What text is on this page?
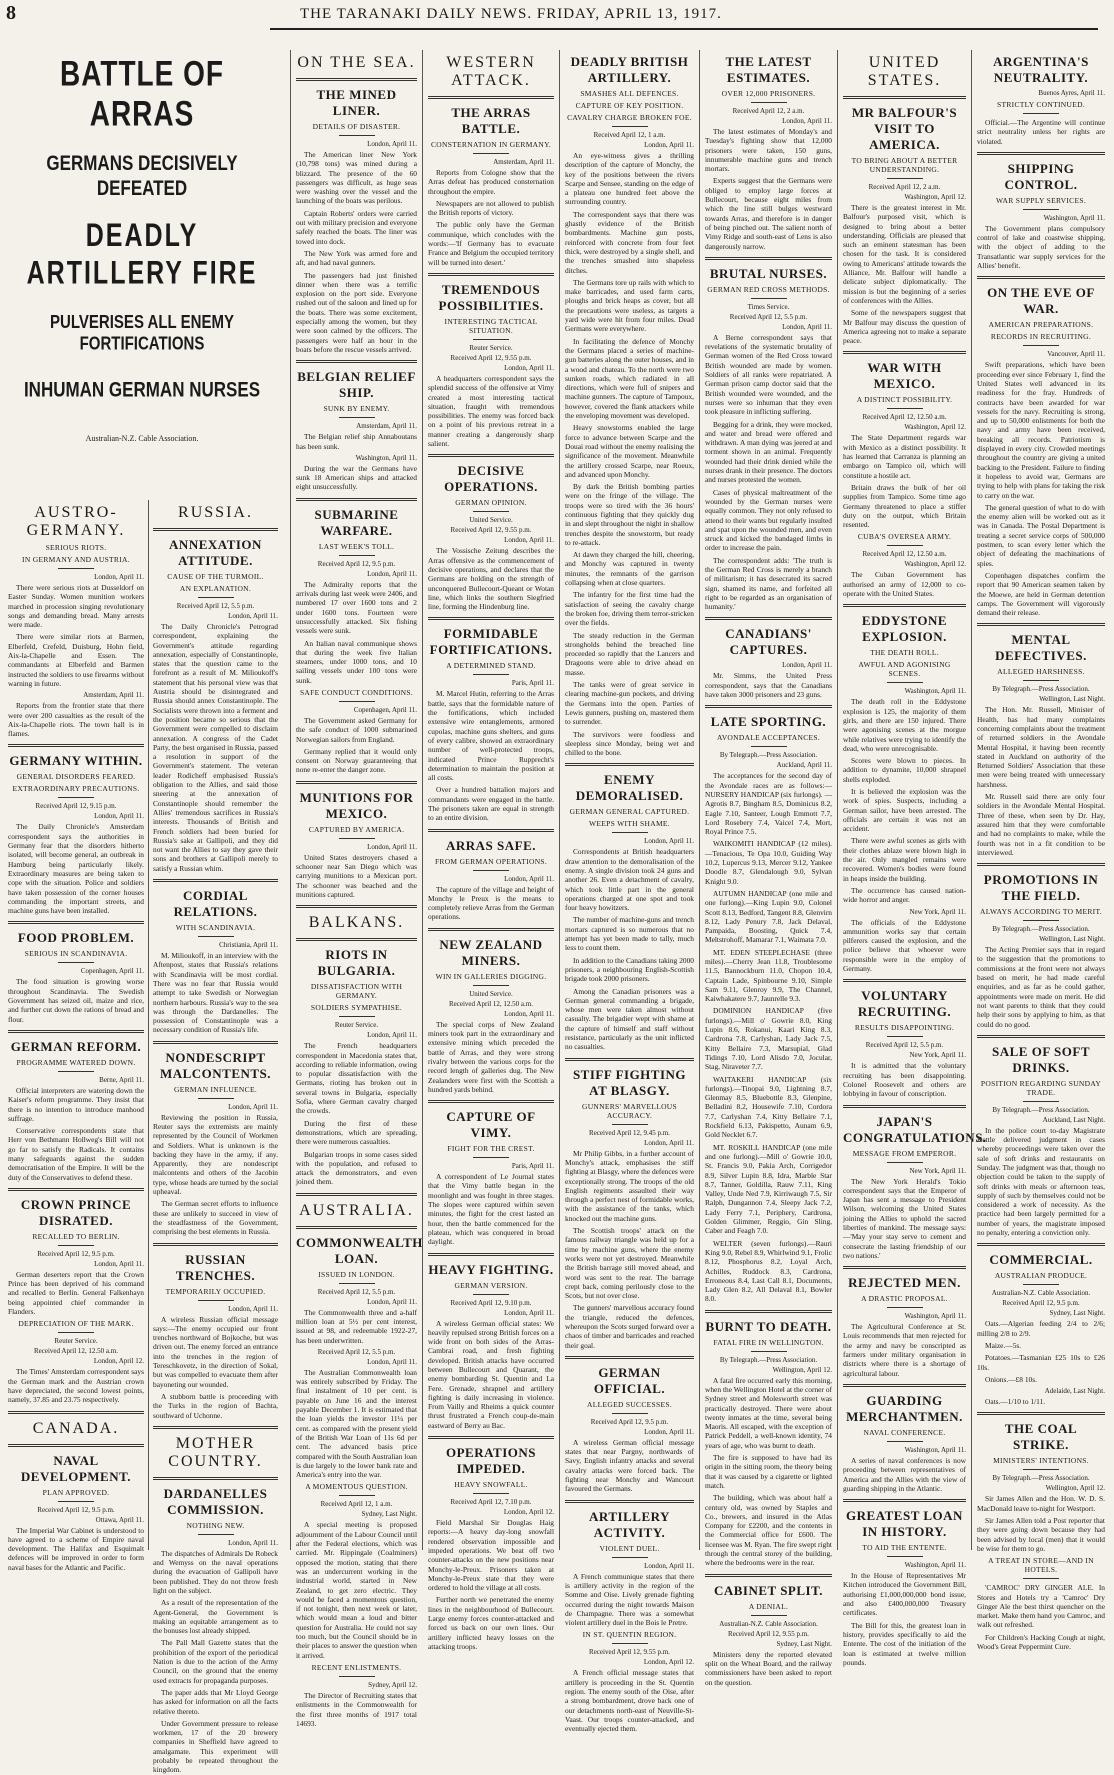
8	THE TARANAKI DAILY NEWS. FRIDAY, APRIL 13, 1917.
BATTLE OF ARRAS
GERMANS DECISIVELY DEFEATED
DEADLY ARTILLERY FIRE
PULVERISES ALL ENEMY FORTIFICATIONS
INHUMAN GERMAN NURSES
Australian-N.Z. Cable Association.
AUSTRO-GERMANY.
SERIOUS RIOTS.
IN GERMANY AND AUSTRIA.
London, April 11.

There were serious riots at Dusseldorf on Easter Sunday. Women munition workers marched in procession singing revolutionary songs and demanding bread. Many arrests were made.

There were similar riots at Barmen, Elberfeld, Crefeld, Duisburg, Hohn field, Aix-la-Chapelle and Essen. The commandants at Elberfeld and Barmen instructed the soldiers to use firearms without warning in future.

Amsterdam, April 11.

Reports from the frontier state that there were over 200 casualties as the result of the Aix-la-Chapelle riots. The town hall is in flames.

GERMANY WITHIN.
GENERAL DISORDERS FEARED.
EXTRAORDINARY PRECAUTIONS.
Received April 12, 9.15 p.m.
London, April 11.

The Daily Chronicle's Amsterdam correspondent says the authorities in Germany fear that the disorders hitherto isolated, will become general, an outbreak in Hamburg being particularly likely. Extraordinary measures are being taken to cope with the situation. Police and soldiers have taken possession of the corner houses commanding the important streets, and machine guns have been installed.

FOOD PROBLEM.
SERIOUS IN SCANDINAVIA.
Copenhagen, April 11.

The food situation is growing worse throughout Scandinavia. The Swedish Government has seized oil, maize and rice, and further cut down the rations of bread and flour.

GERMAN REFORM.
PROGRAMME WATERED DOWN.
Berne, April 11.

Official interpreters are watering down the Kaiser's reform programme. They insist that there is no intention to introduce manhood suffrage.

Conservative correspondents state that Herr von Bethmann Hollweg's Bill will not go far to satisfy the Radicals. It contains many safeguards against the sudden democratisation of the Empire. It will be the duty of the Conservatives to defend these.

CROWN PRINCE DISRATED.
RECALLED TO BERLIN.
Received April 12, 9.5 p.m.
London, April 11.

German deserters report that the Crown Prince has been deprived of his command and recalled to Berlin. General Falkenhayn being appointed chief commander in Flanders.

DEPRECIATION OF THE MARK.
Reuter Service.
Received April 12, 12.50 a.m.
London, April 12.

The Times' Amsterdam correspondent says the German mark and the Austrian crown have depreciated, the second lowest points, namely, 37.85 and 23.75 respectively.

CANADA.
NAVAL DEVELOPMENT.
PLAN APPROVED.
Received April 12, 9.5 p.m.
Ottawa, April 11.

The Imperial War Cabinet is understood to have agreed to a scheme of Empire naval development. The Halifax and Esquimalt defences will be improved in order to form naval bases for the Atlantic and Pacific.

RUSSIA.
ANNEXATION ATTITUDE.
CAUSE OF THE TURMOIL.
AN EXPLANATION.
Received April 12, 5.5 p.m.
London, April 11.

The Daily Chronicle's Petrograd correspondent, explaining the Government's attitude regarding annexation, especially of Constantinople, states that the question came to the forefront as a result of M. Milioukoff's statement that his personal view was that Austria should be disintegrated and Russia should annex Constantinople. The Socialists were thrown into a ferment and the position became so serious that the Government were compelled to disclaim annexation. A congress of the Cadet Party, the best organised in Russia, passed a resolution in support of the Government's statement. The veteran leader Rodicheff emphasised Russia's obligation to the Allies, and said those sneering at the annexation of Constantinople should remember the Allies' tremendous sacrifices in Russia's interests. Thousands of British and French soldiers had been buried for Russia's sake at Gallipoli, and they did not want the Allies to say they gave their sons and brothers at Gallipoli merely to satisfy a Russian whim.

CORDIAL RELATIONS.
WITH SCANDINAVIA.
Christiania, April 11.

M. Milioukoff, in an interview with the Aftenpost, states that Russia's relations with Scandinavia will be most cordial. There was no fear that Russia would attempt to take Swedish or Norwegian northern harbours. Russia's way to the sea was through the Dardanelles. The possession of Constantinople was a necessary condition of Russia's life.

NONDESCRIPT MALCONTENTS.
GERMAN INFLUENCE.
London, April 11.

Reviewing the position in Russia, Reuter says the extremists are mainly represented by the Council of Workmen and Soldiers. What is unknown is the backing they have in the army, if any. Apparently, they are nondescript malcontents and others of the Jacobin type, whose heads are turned by the social upheaval.

The German secret efforts to influence these are unlikely to succeed in view of the steadfastness of the Government, comprising the best elements in Russia.

RUSSIAN TRENCHES.
TEMPORARILY OCCUPIED.
London, April 11.

A wireless Russian official message says:—The enemy occupied our front trenches northward of Bojkoche, but was driven out. The enemy forced an entrance into the trenches in the region of Tereschkovetz, in the direction of Sokal, but was compelled to evacuate them after bayoneting our wounded.

A stubborn battle is proceeding with the Turks in the region of Bachta, southward of Uchonne.

MOTHER COUNTRY.
DARDANELLES COMMISSION.
NOTHING NEW.
London, April 11.

The dispatches of Admirals De Robeck and Wemyss on the naval operations during the evacuation of Gallipoli have been published. They do not throw fresh light on the subject.

As a result of the representation of the Agent-General, the Government is making an equitable arrangement as to the bonuses lost already shipped.

The Pall Mall Gazette states that the prohibition of the export of the periodical Nation is due to the action of the Army Council, on the ground that the enemy used extracts for propaganda purposes.

The paper adds that Mr Lloyd George has asked for information on all the facts relative thereto.

Under Government pressure to release workmen, 17 of the 20 brewery companies in Sheffield have agreed to amalgamate. This experiment will probably be repeated throughout the kingdom.

ON THE SEA.
THE MINED LINER.
DETAILS OF DISASTER.
London, April 11.

The American liner New York (10,798 tons) was mined during a blizzard. The presence of the 60 passengers was difficult, as huge seas were washing over the vessel and the launching of the boats was perilous.

Captain Roberts' orders were carried out with military precision and everyone safely reached the boats. The liner was towed into dock.

The New York was armed fore and aft, and had naval gunners.

The passengers had just finished dinner when there was a terrific explosion on the port side. Everyone rushed out of the saloon and lined up for the boats. There was some excitement, especially among the women, but they were soon calmed by the officers. The passengers were half an hour in the boats before the rescue vessels arrived.

BELGIAN RELIEF SHIP.
SUNK BY ENEMY.
Amsterdam, April 11.

The Belgian relief ship Annaboutans has been sunk.

Washington, April 11.

During the war the Germans have sunk 18 American ships and attacked eight unsuccessfully.

SUBMARINE WARFARE.
LAST WEEK'S TOLL.
Received April 12, 9.5 p.m.
London, April 11.

The Admiralty reports that the arrivals during last week were 2406, and numbered 17 over 1600 tons and 2 under 1600 tons. Fourteen were unsuccessfully attacked. Six fishing vessels were sunk.

An Italian naval communique shows that during the week five Italian steamers, under 1000 tons, and 10 sailing vessels under 100 tons were sunk.

SAFE CONDUCT CONDITIONS.
Copenhagen, April 11.

The Government asked Germany for the safe conduct of 1000 submarined Norwegian sailors from England.

Germany replied that it would only consent on Norway guaranteeing that none re-enter the danger zone.

MUNITIONS FOR MEXICO.
CAPTURED BY AMERICA.
London, April 11.

United States destroyers chased a schooner near San Diego which was carrying munitions to a Mexican port. The schooner was beached and the munitions captured.

BALKANS.
RIOTS IN BULGARIA.
DISSATISFACTION WITH GERMANY.
SOLDIERS SYMPATHISE.
Reuter Service.
London, April 11.

The French headquarters correspondent in Macedonia states that, according to reliable information, owing to popular dissatisfaction with the Germans, rioting has broken out in several towns in Bulgaria, especially Sofia, where German cavalry charged the crowds.

During the first of these demonstrations, which are spreading, there were numerous casualties.

Bulgarian troops in some cases sided with the population, and refused to attack the demonstrators, and even joined them.

AUSTRALIA.
COMMONWEALTH LOAN.
ISSUED IN LONDON.
Received April 12, 5.5 p.m.
London, April 11.

The Commonwealth three and a-half million loan at 5½ per cent interest, issued at 98, and redeemable 1922-27, has been underwritten.

Received April 12, 5.5 p.m.
London, April 11.

The Australian Commonwealth loan was entirely subscribed by Friday. The final instalment of 10 per cent. is payable on June 16 and the interest payable December 1. It is estimated that the loan yields the investor 11¼ per cent. as compared with the present yield of the British War Loan of 11s 6d per cent. The advanced basis price compared with the South Australian loan is due largely to the lower bank rate and America's entry into the war.

A MOMENTOUS QUESTION.
Received April 12, 1 a.m.
Sydney, Last Night.

A special meeting is proposed adjournment of the Labour Council until after the Federal elections, which was carried. Mr. Rippingale (Coalminers) opposed the motion, stating that there was an undercurrent working in the industrial world, started in New Zealand, to get zero electric. They would be faced a momentous question, if not tonight, then next week or later, which would mean a loud and bitter question for Australia. He could not say too much, but the Council should be in their places to answer the question when it arrived.

RECENT ENLISTMENTS.
Sydney, April 12.

The Director of Recruiting states that enlistments in the Commonwealth for the first three months of 1917 total 14693.

WESTERN ATTACK.
THE ARRAS BATTLE.
CONSTERNATION IN GERMANY.
Amsterdam, April 11.

Reports from Cologne show that the Arras defeat has produced consternation throughout the empire.

Newspapers are not allowed to publish the British reports of victory.

The public only have the German communique, which concludes with the words:—'If Germany has to evacuate France and Belgium the occupied territory will be turned into desert.'

TREMENDOUS POSSIBILITIES.
INTERESTING TACTICAL SITUATION.
Reuter Service.
Received April 12, 9.55 p.m.
London, April 11.

A headquarters correspondent says the splendid success of the offensive at Vimy created a most interesting tactical situation, fraught with tremendous possibilities. The enemy was forced back on a point of his previous retreat in a manner creating a dangerously sharp salient.

DECISIVE OPERATIONS.
GERMAN OPINION.
United Service.
Received April 12, 9.55 p.m.
London, April 11.

The Vossische Zeitung describes the Arras offensive as the commencement of decisive operations, and declares that the Germans are holding on the strength of unconquered Bullecourt-Queant or Wotan line, which links the southern Siegfried line, forming the Hindenburg line.

FORMIDABLE FORTIFICATIONS.
A DETERMINED STAND.
Paris, April 11.

M. Marcel Hutin, referring to the Arras battle, says that the formidable nature of the fortifications, which included extensive wire entanglements, armored cupolas, machine guns shelters, and guns of every calibre, showed an extraordinary number of well-protected troops, indicated Prince Rupprecht's determination to maintain the position at all costs.

Over a hundred battalion majors and commandants were engaged in the battle. The prisoners taken are equal in strength to an entire division.

ARRAS SAFE.
FROM GERMAN OPERATIONS.
London, April 11.

The capture of the village and height of Monchy le Preux is the means to completely relieve Arras from the German operations.

NEW ZEALAND MINERS.
WIN IN GALLERIES DIGGING.
United Service.
Received April 12, 12.50 a.m.
London, April 11.

The special corps of New Zealand miners took part in the extraordinary and extensive mining which preceded the battle of Arras, and they were strong rivalry between the various corps for the record length of galleries dug. The New Zealanders were first with the Scottish a hundred yards behind.

CAPTURE OF VIMY.
FIGHT FOR THE CREST.
Paris, April 11.

A correspondent of Le Journal states that the Vimy battle began in the moonlight and was fought in three stages. The slopes were captured within seven minutes, the fight for the crest lasted an hour, then the battle commenced for the plateau, which was conquered in broad daylight.

HEAVY FIGHTING.
GERMAN VERSION.
Received April 12, 9.10 p.m.
London, April 11.

A wireless German official states: We heavily repulsed strong British forces on a wide front on both sides of the Arras-Cambrai road, and fresh fighting developed. British attacks have occurred between Bullecourt and Quarant, the enemy bombarding St. Quentin and La Fere. Grenade, shrapnel and artillery fighting is daily increasing in violence. From Vailly and Rheims a quick counter thrust frustrated a French coup-de-main eastward of Berry au Bac.

OPERATIONS IMPEDED.
HEAVY SNOWFALL.
Received April 12, 7.10 p.m.
London, April 12.

Field Marshal Sir Douglas Haig reports:—A heavy day-long snowfall rendered observation impossible and impeded operations. We beat off two counter-attacks on the new positions near Monchy-le-Preux. Prisoners taken at Monchy-le-Preux state that they were ordered to hold the village at all costs.

Further north we penetrated the enemy lines in the neighbourhood of Bullecourt. Large enemy forces counter-attacked and forced us back on our own lines. Our artillery inflicted heavy losses on the attacking troops.

DEADLY BRITISH ARTILLERY.
SMASHES ALL DEFENCES.
CAPTURE OF KEY POSITION.
CAVALRY CHARGE BROKEN FOE.
Received April 12, 1 a.m.
London, April 11.

An eye-witness gives a thrilling description of the capture of Monchy, the key of the positions between the rivers Scarpe and Sensee, standing on the edge of a plateau one hundred feet above the surrounding country.

The correspondent says that there was ghastly evidence of the British bombardments. Machine gun posts, reinforced with concrete from four feet thick, were destroyed by a single shell, and the trenches smashed into shapeless ditches.

The Germans tore up rails with which to make barricades, and used farm carts, ploughs and brick heaps as cover, but all the precautions were useless, as targets a yard wide were hit from four miles. Dead Germans were everywhere.

In facilitating the defence of Monchy the Germans placed a series of machine-gun batteries along the outer houses, and in a wood and chateau. To the north were two sunken roads, which radiated in all directions, which were full of snipers and machine gunners. The capture of Tampoux, however, covered the flank attackers while the enveloping movement was developed.

Heavy snowstorms enabled the large force to advance between Scarpe and the Douai road without the enemy realising the significance of the movement. Meanwhile the artillery crossed Scarpe, near Roeux, and advanced upon Monchy.

By dark the British bombing parties were on the fringe of the village. The troops were so tired with the 36 hours' continuous fighting that they quickly dug in and slept throughout the night in shallow trenches despite the snowstorm, but ready to re-attack.

At dawn they charged the hill, cheering, and Monchy was captured in twenty minutes, the remnants of the garrison collapsing when at close quarters.

The infantry for the first time had the satisfaction of seeing the cavalry charge the broken foe, driving them terror-stricken over the fields.

The steady reduction in the German strongholds behind the breached line proceeded so rapidly that the Lancers and Dragoons were able to drive ahead en masse.

The tanks were of great service in clearing machine-gun pockets, and driving the Germans into the open. Parties of Lewis gunners, pushing on, mastered them to surrender.

The survivors were foodless and sleepless since Monday, being wet and chilled to the bone.

ENEMY DEMORALISED.
GERMAN GENERAL CAPTURED.
WEEPS WITH SHAME.
London, April 11.

Correspondents at British headquarters draw attention to the demoralisation of the enemy. A single division took 24 guns and another 26. Even a detachment of cavalry, which took little part in the general operations charged at one spot and took four heavy howitzers.

The number of machine-guns and trench mortars captured is so numerous that no attempt has yet been made to tally, much less to count them.

In addition to the Canadians taking 2000 prisoners, a neighbouring English-Scottish brigade took 2000 prisoners.

Among the Canadian prisoners was a German general commanding a brigade, whose men were taken almost without casualty. The brigadier wept with shame at the capture of himself and staff without resistance, particularly as the unit inflicted no casualties.

STIFF FIGHTING AT BLASGY.
GUNNERS' MARVELLOUS ACCURACY.
Received April 12, 9.45 p.m.
London, April 11.

Mr Philip Gibbs, in a further account of Monchy's attack, emphasises the stiff fighting at Blasgy, where the defences were exceptionally strong. The troops of the old English regiments assaulted their way through a perfect nest of formidable works, with the assistance of the tanks, which knocked out the machine guns.

The Scottish troops' attack on the famous railway triangle was held up for a time by machine guns, where the enemy works were not yet destroyed. Meanwhile the British barrage still moved ahead, and word was sent to the rear. The barrage crept back, coming perilously close to the Scots, but not over close.

The gunners' marvellous accuracy found the triangle, reduced the defences, whereupon the Scots surged forward over a chaos of timber and barricades and reached their goal.

GERMAN OFFICIAL.
ALLEGED SUCCESSES.
Received April 12, 9.5 p.m.
London, April 11.

A wireless German official message states that near Pargny, northwards of Savy, English infantry attacks and several cavalry attacks were forced back. The fighting near Monchy and Wancourt favoured the Germans.

ARTILLERY ACTIVITY.
VIOLENT DUEL.
London, April 11.

A French communique states that there is artillery activity in the region of the Somme and Oise. Lively grenade fighting occurred during the night towards Maison de Champagne. There was a somewhat violent artillery duel in the Bois le Pretre.

IN ST. QUENTIN REGION.
Received April 12, 9.55 p.m.
London, April 12.

A French official message states that artillery is proceeding in the St. Quentin region. The enemy south of the Oise, after a strong bombardment, drove back one of our detachments north-east of Neuville-St-Vaast. Our troops counter-attacked, and eventually ejected them.

THE LATEST ESTIMATES.
OVER 12,000 PRISONERS.
Received April 12, 2 a.m.
London, April 11.

The latest estimates of Monday's and Tuesday's fighting show that 12,000 prisoners were taken, 150 guns, innumerable machine guns and trench mortars.

Experts suggest that the Germans were obliged to employ large forces at Bullecourt, because eight miles from which the line still bulges westward towards Arras, and therefore is in danger of being pinched out. The salient north of Vimy Ridge and south-east of Lens is also dangerously narrow.

BRUTAL NURSES.
GERMAN RED CROSS METHODS.
Times Service.
Received April 12, 5.5 p.m.
London, April 11.

A Berne correspondent says that revelations of the systematic brutality of German women of the Red Cross toward British wounded are made by women. Soldiers of all ranks were repatriated. A German prison camp doctor said that the British wounded were wounded, and the nurses were so inhuman that they even took pleasure in inflicting suffering.

Begging for a drink, they were mocked, and water and bread were offered and withdrawn. A man dying was jeered at and torment shown in an animal. Frequently wounded had their drink denied while the nurses drank in their presence. The doctors and nurses protested the women.

Cases of physical maltreatment of the wounded by the German nurses were equally common. They not only refused to attend to their wants but regularly insulted and spat upon the wounded men, and even struck and kicked the bandaged limbs in order to increase the pain.

The correspondent adds: 'The truth is the German Red Cross is merely a branch of militarism; it has desecrated its sacred sign, shamed its name, and forfeited all right to be regarded as an organisation of humanity.'

CANADIANS' CAPTURES.
London, April 11.

Mr. Simms, the United Press correspondent, says that the Canadians have taken 3000 prisoners and 23 guns.

LATE SPORTING.
AVONDALE ACCEPTANCES.
By Telegraph.—Press Association.
Auckland, April 11.

The acceptances for the second day of the Avondale races are as follows:—NURSERY HANDICAP (six furlongs). —Agrotis 8.7, Bingham 8.5, Dominicus 8.2, Eagle 7.10, Santeer, Lough Emmott 7.7, Lord Rosebery 7.4, Vaicel 7.4, Mort, Royal Prince 7.5.

WAIKOMITI HANDICAP (12 miles). —Tenacious, Te Opa 10.0, Guiding Way 10.2, Lupercus 9.13, Mercer 9.12, Yankee Doodle 8.7, Glendalough 9.0, Sylvan Knight 9.0.

AUTUMN HANDICAP (one mile and one furlong).—King Lupin 9.0, Colonel Scott 8.13, Bedford, Tangent 8.8, Glenvirn 8.12, Lady Penury 7.8, Jack Delaval, Pampaida, Boosting, Quick 7.4, Meltstrohoff, Mamarar 7.1, Waimata 7.0.

MT. EDEN STEEPLECHASE (three miles).—Cherry Jean 11.8, Troublesome 11.5, Bannockburn 11.0, Chopon 10.4, Captain Lade, Spinbourne 9.10, Simple Sam 9.11, Glenroy 9.9, The Channel, Kaiwhakatere 9.7, Jaunrelle 9.3.

DOMINION HANDICAP (five furlongs).—Mill o' Gowrie 8.0, King Lupin 8.6, Rokanui, Kaari King 8.3, Cardrona 7.8, Carlyshan, Lady Jack 7.5, Kitty Bellaire 7.3, Marsupial, Glad Tidings 7.10, Lord Alisdo 7.0, Jocular, Stag, Niraveter 7.7.

WAITAKERI HANDICAP (six furlongs).—Tinopai 9.0, Lightning 8.7, Glenmay 8.5, Bluebottle 8.3, Glenpine, Belladini 8.2, Housewife 7.10, Cordora 7.7, Carlyshan 7.4, Kitty Bellaire 7.1, Rockfield 6.13, Pakispetto, Aunam 6.9, Gold Necklet 6.7.

MT. ROSKILL HANDICAP (one mile and one furlong).—Mill o' Gowrie 10.0, St. Francis 9.0, Pakia Arch, Corrigedor 8.9, Silver Lupin 8.8, Idra, Marble Star 8.7, Tanner, Goldilla, Rauw 7.11, King Valley, Unde Ned 7.9, Kirriwaugh 7.5, Sir Ralph, Dungannon 7.4, Sleepy Jack 7.2, Lady Ferry 7.1, Periphery, Cardrona, Golden Glimmer, Reggio, Gin Sling, Caber and Feagh 7.0.

WELTER (seven furlongs).—Rauri King 9.0, Rebel 8.9, Whirlwind 9.1, Frolic 8.12, Phosphorus 8.2, Loyal Arch, Achilles, Ruddock 8.3, Cardrona, Erroneous 8.4, Last Call 8.1, Documents, Lady Glen 8.2, All Delaval 8.1, Bowler 8.0.

BURNT TO DEATH.
FATAL FIRE IN WELLINGTON.
By Telegraph.—Press Association.
Wellington, April 12.

A fatal fire occurred early this morning, when the Wellington Hotel at the corner of Sydney street and Molesworth street was practically destroyed. There were about twenty inmates at the time, several being Maoris. All escaped, with the exception of Patrick Peddell, a well-known identity, 74 years of age, who was burnt to death.

The fire is supposed to have had its origin in the sitting room, the theory being that it was caused by a cigarette or lighted match.

The building, which was about half a century old, was owned by Staples and Co., brewers, and insured in the Atlas Company for £2200, and the contents in the Commercial office for £600. The licensee was M. Ryan. The fire swept right through the central storey of the building, where the bedrooms were in the rear.

CABINET SPLIT.
A DENIAL.
Australian-N.Z. Cable Association.
Received April 12, 9.55 p.m.
Sydney, Last Night.

Ministers deny the reported elevated split on the Wheat Board, and the railway commissioners have been asked to report on the question.

UNITED STATES.
MR BALFOUR'S VISIT TO AMERICA.
TO BRING ABOUT A BETTER UNDERSTANDING.
Received April 12, 2 a.m.
Washington, April 12.

There is the greatest interest in Mr. Balfour's purposed visit, which is designed to bring about a better understanding. Officials are pleased that such an eminent statesman has been chosen for the task. It is considered owing to Americans' attitude towards the Alliance, Mr. Balfour will handle a delicate subject diplomatically. The mission is but the beginning of a series of conferences with the Allies.

Some of the newspapers suggest that Mr Balfour may discuss the question of America agreeing not to make a separate peace.

WAR WITH MEXICO.
A DISTINCT POSSIBILITY.
Received April 12, 12.50 a.m.
Washington, April 12.

The State Department regards war with Mexico as a distinct possibility. It has learned that Carranza is planning an embargo on Tampico oil, which will constitute a hostile act.

Britain draws the bulk of her oil supplies from Tampico. Some time ago Germany threatened to place a stiffer duty on the output, which Britain resented.

CUBA'S OVERSEA ARMY.
Received April 12, 12.50 a.m.
Washington, April 12.

The Cuban Government has authorised an army of 12,000 to co-operate with the United States.

EDDYSTONE EXPLOSION.
THE DEATH ROLL.
AWFUL AND AGONISING SCENES.
Washington, April 11.

The death roll in the Eddystone explosion is 125, the majority of them girls, and there are 150 injured. There were agonising scenes at the morgue while relatives were trying to identify the dead, who were unrecognisable.

Scores were blown to pieces. In addition to dynamite, 10,000 shrapnel shells exploded.

It is believed the explosion was the work of spies. Suspects, including a German sailor, have been arrested. The officials are certain it was not an accident.

There were awful scenes as girls with their clothes ablaze were blown high in the air. Only mangled remains were recovered. Women's bodies were found in heaps inside the building.

The occurrence has caused nation-wide horror and anger.

New York, April 11.

The officials of the Eddystone ammunition works say that certain pilferers caused the explosion, and the police believe that whoever were responsible were in the employ of Germany.

VOLUNTARY RECRUITING.
RESULTS DISAPPOINTING.
Received April 12, 5.5 p.m.
New York, April 11.

It is admitted that the voluntary recruiting has been disappointing. Colonel Roosevelt and others are lobbying in favour of conscription.

JAPAN'S CONGRATULATIONS.
MESSAGE FROM EMPEROR.
New York, April 11.

The New York Herald's Tokio correspondent says that the Emperor of Japan has sent a message to President Wilson, welcoming the United States joining the Allies to uphold the sacred liberties of mankind. The message says:—'May your stay serve to cement and consecrate the lasting friendship of our two nations.'

REJECTED MEN.
A DRASTIC PROPOSAL.
Washington, April 11.

The Agricultural Conference at St. Louis recommends that men rejected for the army and navy be conscripted as farmers under military organisation in districts where there is a shortage of agricultural labour.

GUARDING MERCHANTMEN.
NAVAL CONFERENCE.
Washington, April 11.

A series of naval conferences is now proceeding between representatives of America and the Allies with the view of guarding shipping in the Atlantic.

GREATEST LOAN IN HISTORY.
TO AID THE ENTENTE.
Washington, April 11.

In the House of Representatives Mr Kitchen introduced the Government Bill, authorising £1,000,000,000 bond issue, and also £400,000,000 Treasury certificates.

The Bill for this, the greatest loan in history, provides specifically to aid the Entente. The cost of the initiation of the loan is estimated at twelve million pounds.

ARGENTINA'S NEUTRALITY.
Buenos Ayres, April 11.
STRICTLY CONTINUED.

Official.—The Argentine will continue strict neutrality unless her rights are violated.

SHIPPING CONTROL.
WAR SUPPLY SERVICES.
Washington, April 11.

The Government plans compulsory control of lake and coastwise shipping, with the object of adding to the Transatlantic war supply services for the Allies' benefit.

ON THE EVE OF WAR.
AMERICAN PREPARATIONS.
RECORDS IN RECRUITING.
Vancouver, April 11.

Swift preparations, which have been proceeding ever since February 1, find the United States well advanced in its readiness for the fray. Hundreds of contracts have been awarded for war vessels for the navy. Recruiting is strong, and up to 50,000 enlistments for both the navy and army have been received, breaking all records. Patriotism is displayed in every city. Crowded meetings throughout the country are giving a united backing to the President. Failure to finding it hopeless to avoid war, Germans are trying to help with plans for taking the risk to carry on the war.

The general question of what to do with the enemy alien will be worked out as it was in Canada. The Postal Department is treating a secret service corps of 500,000 postmen, to scan every letter which the object of defeating the machinations of spies.

Copenhagen dispatches confirm the report that 90 American seamen taken by the Moewe, are held in German detention camps. The Government will vigorously demand their release.

MENTAL DEFECTIVES.
ALLEGED HARSHNESS.
By Telegraph.—Press Association.
Wellington, Last Night.

The Hon. Mr. Russell, Minister of Health, has had many complaints concerning complaints about the treatment of returned soldiers in the Avondale Mental Hospital, it having been recently stated in Auckland on authority of the Returned Soldiers' Association that these men were being treated with unnecessary harshness.

Mr. Russell said there are only four soldiers in the Avondale Mental Hospital. Three of these, when seen by Dr. Hay, assured him that they were comfortable and had no complaints to make, while the fourth was not in a fit condition to be interviewed.

PROMOTIONS IN THE FIELD.
ALWAYS ACCORDING TO MERIT.
By Telegraph.—Press Association.
Wellington, Last Night.

The Acting Premier says that in regard to the suggestion that the promotions to commissions at the front were not always based on merit, he had made careful enquiries, and as far as he could gather, appointments were made on merit. He did not want parents to think that they could help their sons by applying to him, as that could do no good.

SALE OF SOFT DRINKS.
POSITION REGARDING SUNDAY TRADE.
By Telegraph.—Press Association.
Auckland, Last Night.

In the police court to-day Magistrate Kettle delivered judgment in cases whereby proceedings were taken over the sale of soft drinks and restaurants on Sunday. The judgment was that, though no objection could be taken to the supply of soft drinks with meals or afternoon teas, supply of such by themselves could not be considered a work of necessity. As the practice had been largely permitted for a number of years, the magistrate imposed no penalty, entering a conviction only.

COMMERCIAL.
AUSTRALIAN PRODUCE.
Australian-N.Z. Cable Association.
Received April 12, 9.5 p.m.
Sydney, Last Night.

Oats.—Algerian feeding 2/4 to 2/6; milling 2/8 to 2/9.

Maize.—5s.

Potatoes.—Tasmanian £25 10s to £26 10s.

Onions.—£8 10s.

Adelaide, Last Night.

Oats.—1/10 to 1/11.

THE COAL STRIKE.
MINISTERS' INTENTIONS.
By Telegraph.—Press Association.
Wellington, April 12.

Sir James Allen and the Hon. W. D. S. MacDonald leave to-night for Westport.

Sir James Allen told a Post reporter that they were going down because they had been advised by local (men) that it would be wise for them to go.

A TREAT IN STORE—AND IN HOTELS.

'CAMROC' DRY GINGER ALE. In Stores and Hotels try a 'Camroc' Dry Ginger Ale the best thirst quencher on the market. Make them hand you Camroc, and walk out refreshed.

For Children's Hacking Cough at night, Wood's Great Peppermint Cure.
